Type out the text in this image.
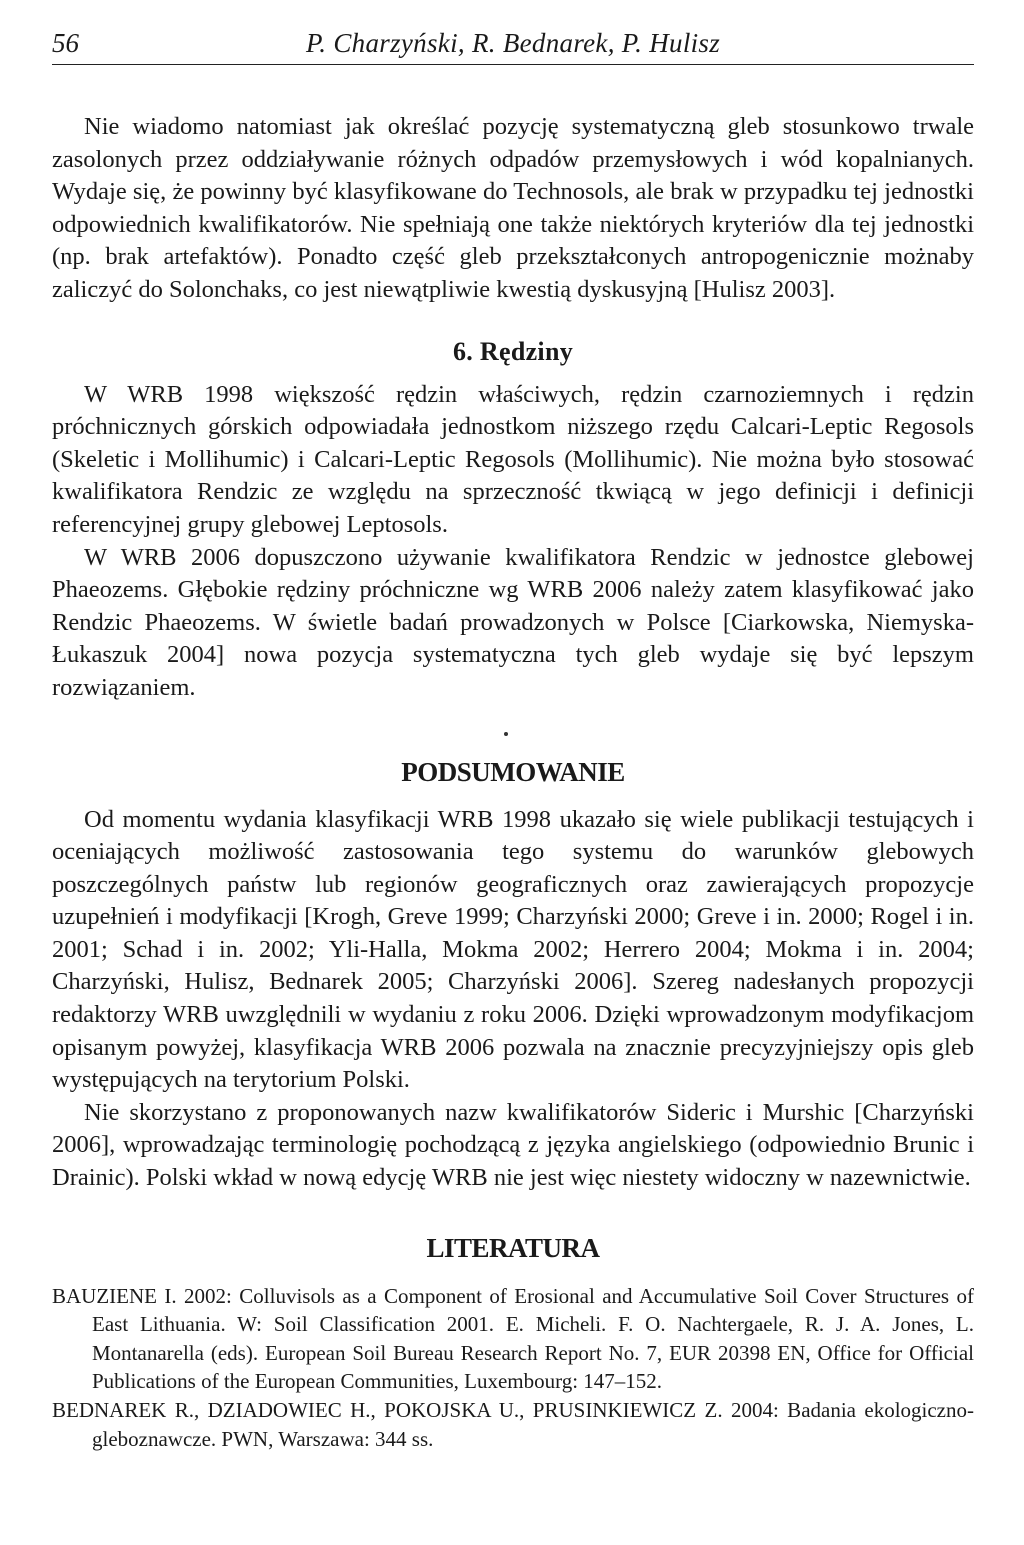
56	P. Charzyński, R. Bednarek, P. Hulisz

Nie wiadomo natomiast jak określać pozycję systematyczną gleb stosunkowo trwale zasolonych przez oddziaływanie różnych odpadów przemysłowych i wód kopalnianych. Wydaje się, że powinny być klasyfikowane do Technosols, ale brak w przypadku tej jednostki odpowiednich kwalifikatorów. Nie spełniają one także niektórych kryteriów dla tej jednostki (np. brak artefaktów). Ponadto część gleb przekształconych antropogenicznie możnaby zaliczyć do Solonchaks, co jest niewątpliwie kwestią dyskusyjną [Hulisz 2003].

6. Rędziny

W WRB 1998 większość rędzin właściwych, rędzin czarnoziemnych i rędzin próchnicznych górskich odpowiadała jednostkom niższego rzędu Calcari-Leptic Regosols (Skeletic i Mollihumic) i Calcari-Leptic Regosols (Mollihumic). Nie można było stosować kwalifikatora Rendzic ze względu na sprzeczność tkwiącą w jego definicji i definicji referencyjnej grupy glebowej Leptosols.

W WRB 2006 dopuszczono używanie kwalifikatora Rendzic w jednostce glebowej Phaeozems. Głębokie rędziny próchniczne wg WRB 2006 należy zatem klasyfikować jako Rendzic Phaeozems. W świetle badań prowadzonych w Polsce [Ciarkowska, Niemyska-Łukaszuk 2004] nowa pozycja systematyczna tych gleb wydaje się być lepszym rozwiązaniem.

PODSUMOWANIE

Od momentu wydania klasyfikacji WRB 1998 ukazało się wiele publikacji testujących i oceniających możliwość zastosowania tego systemu do warunków glebowych poszczególnych państw lub regionów geograficznych oraz zawierających propozycje uzupełnień i modyfikacji [Krogh, Greve 1999; Charzyński 2000; Greve i in. 2000; Rogel i in. 2001; Schad i in. 2002; Yli-Halla, Mokma 2002; Herrero 2004; Mokma i in. 2004; Charzyński, Hulisz, Bednarek 2005; Charzyński 2006]. Szereg nadesłanych propozycji redaktorzy WRB uwzględnili w wydaniu z roku 2006. Dzięki wprowadzonym modyfikacjom opisanym powyżej, klasyfikacja WRB 2006 pozwala na znacznie precyzyjniejszy opis gleb występujących na terytorium Polski.

Nie skorzystano z proponowanych nazw kwalifikatorów Sideric i Murshic [Charzyński 2006], wprowadzając terminologię pochodzącą z języka angielskiego (odpowiednio Brunic i Drainic). Polski wkład w nową edycję WRB nie jest więc niestety widoczny w nazewnictwie.

LITERATURA

BAUZIENE I. 2002: Colluvisols as a Component of Erosional and Accumulative Soil Cover Structures of East Lithuania. W: Soil Classification 2001. E. Micheli. F. O. Nachtergaele, R. J. A. Jones, L. Montanarella (eds). European Soil Bureau Research Report No. 7, EUR 20398 EN, Office for Official Publications of the European Communities, Luxembourg: 147–152.

BEDNAREK R., DZIADOWIEC H., POKOJSKA U., PRUSINKIEWICZ Z. 2004: Badania ekologiczno-gleboznawcze. PWN, Warszawa: 344 ss.
